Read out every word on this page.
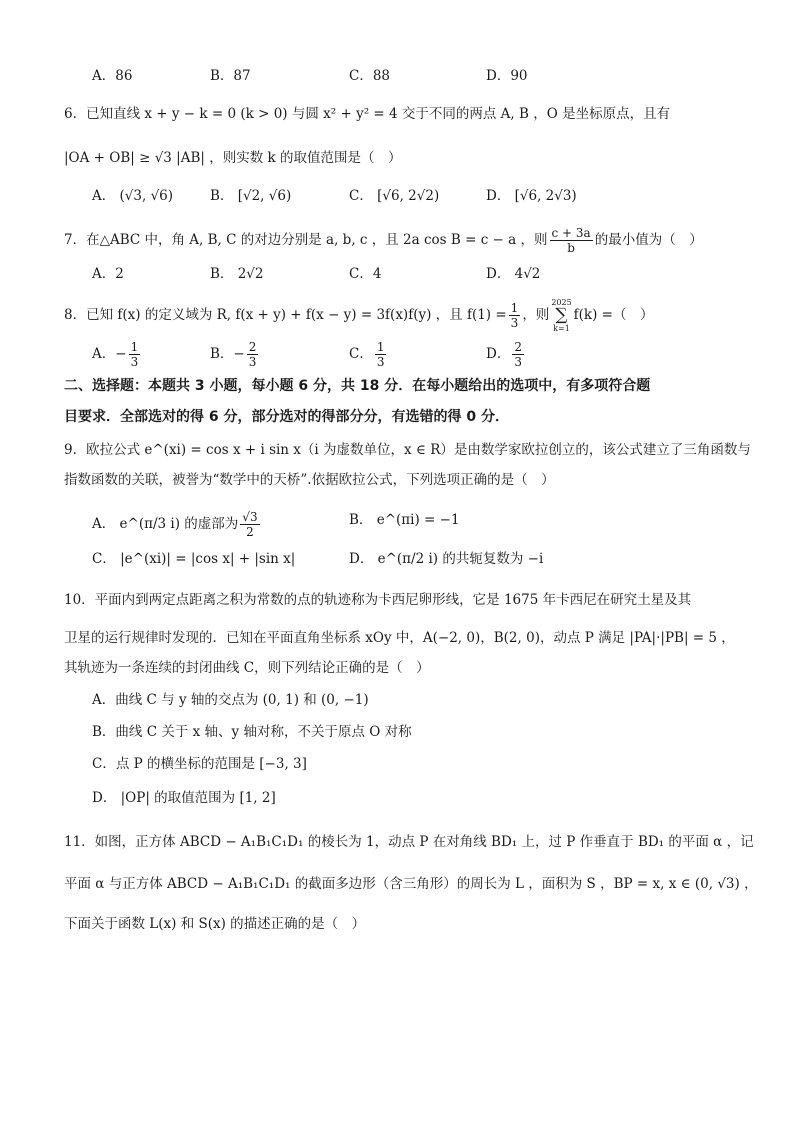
A．86	B．87	C．88	D．90
6．已知直线 x + y − k = 0 (k > 0) 与圆 x² + y² = 4 交于不同的两点 A, B ，O 是坐标原点，且有
|OA + OB| ≥ √3 |AB| ，则实数 k 的取值范围是（　）
A． (√3, √6)	B． [√2, √6)	C． [√6, 2√2)	D． [√6, 2√3)
7．在△ABC 中，角 A, B, C 的对边分别是 a, b, c ，且 2a cos B = c − a ，则 $\frac{c + 3a}{b}$ 的最小值为（　）
A．2	B． 2√2	C．4	D． 4√2
8．已知 f(x) 的定义域为 R, f(x + y) + f(x − y) = 3f(x)f(y) ，且 $f(1) = \frac{1}{3}$ ，则2025
∑
k=1f(k) =（　）
A．− $\frac{1}{3}$	B．− $\frac{2}{3}$	C． $\frac{1}{3}$	D． $\frac{2}{3}$
二、选择题：本题共 3 小题，每小题 6 分，共 18 分．在每小题给出的选项中，有多项符合题
目要求．全部选对的得 6 分，部分选对的得部分分，有选错的得 0 分．
9．欧拉公式 e^(xi) = cos x + i sin x（i 为虚数单位，x ∈ R）是由数学家欧拉创立的，该公式建立了三角函数与
指数函数的关联，被誉为“数学中的天桥”.依据欧拉公式，下列选项正确的是（　）
A． e^(π/3 i) 的虚部为 $\frac{√3}{2}$	B． e^(πi) = −1
C． |e^(xi)| = |cos x| + |sin x|	D． e^(π/2 i) 的共轭复数为 −i
10．平面内到两定点距离之积为常数的点的轨迹称为卡西尼卵形线，它是 1675 年卡西尼在研究土星及其
卫星的运行规律时发现的．已知在平面直角坐标系 xOy 中，A(−2, 0)，B(2, 0)，动点 P 满足 |PA|·|PB| = 5 ，
其轨迹为一条连续的封闭曲线 C，则下列结论正确的是（　）
A．曲线 C 与 y 轴的交点为 (0, 1) 和 (0, −1)
B．曲线 C 关于 x 轴、y 轴对称，不关于原点 O 对称
C．点 P 的横坐标的范围是 [−3, 3]
D． |OP| 的取值范围为 [1, 2]
11．如图，正方体 ABCD − A₁B₁C₁D₁ 的棱长为 1，动点 P 在对角线 BD₁ 上，过 P 作垂直于 BD₁ 的平面 α ，记
平面 α 与正方体 ABCD − A₁B₁C₁D₁ 的截面多边形（含三角形）的周长为 L ，面积为 S ，BP = x, x ∈ (0, √3) ，
下面关于函数 L(x) 和 S(x) 的描述正确的是（　）
